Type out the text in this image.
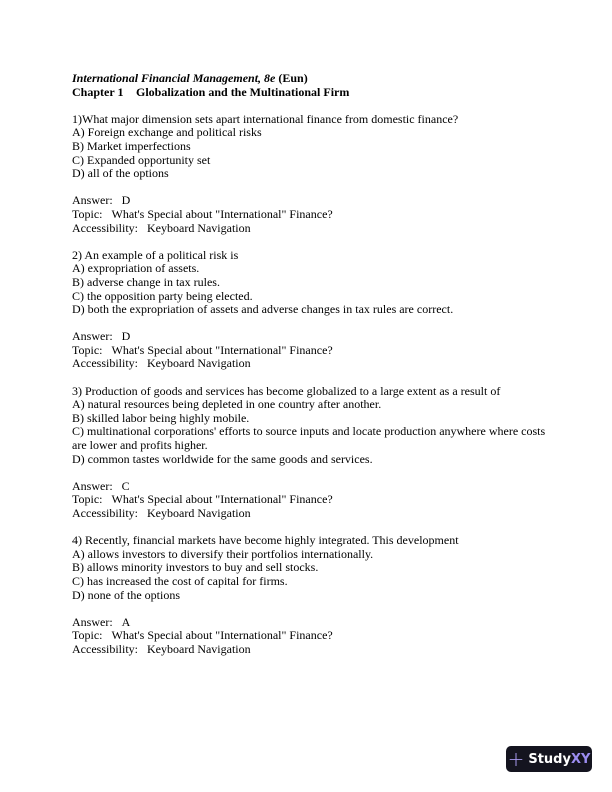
International Financial Management, 8e (Eun)
Chapter 1 Globalization and the Multinational Firm

1)What major dimension sets apart international finance from domestic finance?

A) Foreign exchange and political risks

B) Market imperfections

C) Expanded opportunity set

D) all of the options

Answer: D

Topic: What's Special about "International" Finance?

Accessibility: Keyboard Navigation

2) An example of a political risk is

A) expropriation of assets.

B) adverse change in tax rules.

C) the opposition party being elected.

D) both the expropriation of assets and adverse changes in tax rules are correct.

Answer: D

Topic: What's Special about "International" Finance?

Accessibility: Keyboard Navigation

3) Production of goods and services has become globalized to a large extent as a result of

A) natural resources being depleted in one country after another.

B) skilled labor being highly mobile.

C) multinational corporations' efforts to source inputs and locate production anywhere where costs are lower and profits higher.

D) common tastes worldwide for the same goods and services.

Answer: C

Topic: What's Special about "International" Finance?

Accessibility: Keyboard Navigation

4) Recently, financial markets have become highly integrated. This development

A) allows investors to diversify their portfolios internationally.

B) allows minority investors to buy and sell stocks.

C) has increased the cost of capital for firms.

D) none of the options

Answer: A

Topic: What's Special about "International" Finance?

Accessibility: Keyboard Navigation

+ StudyXY
